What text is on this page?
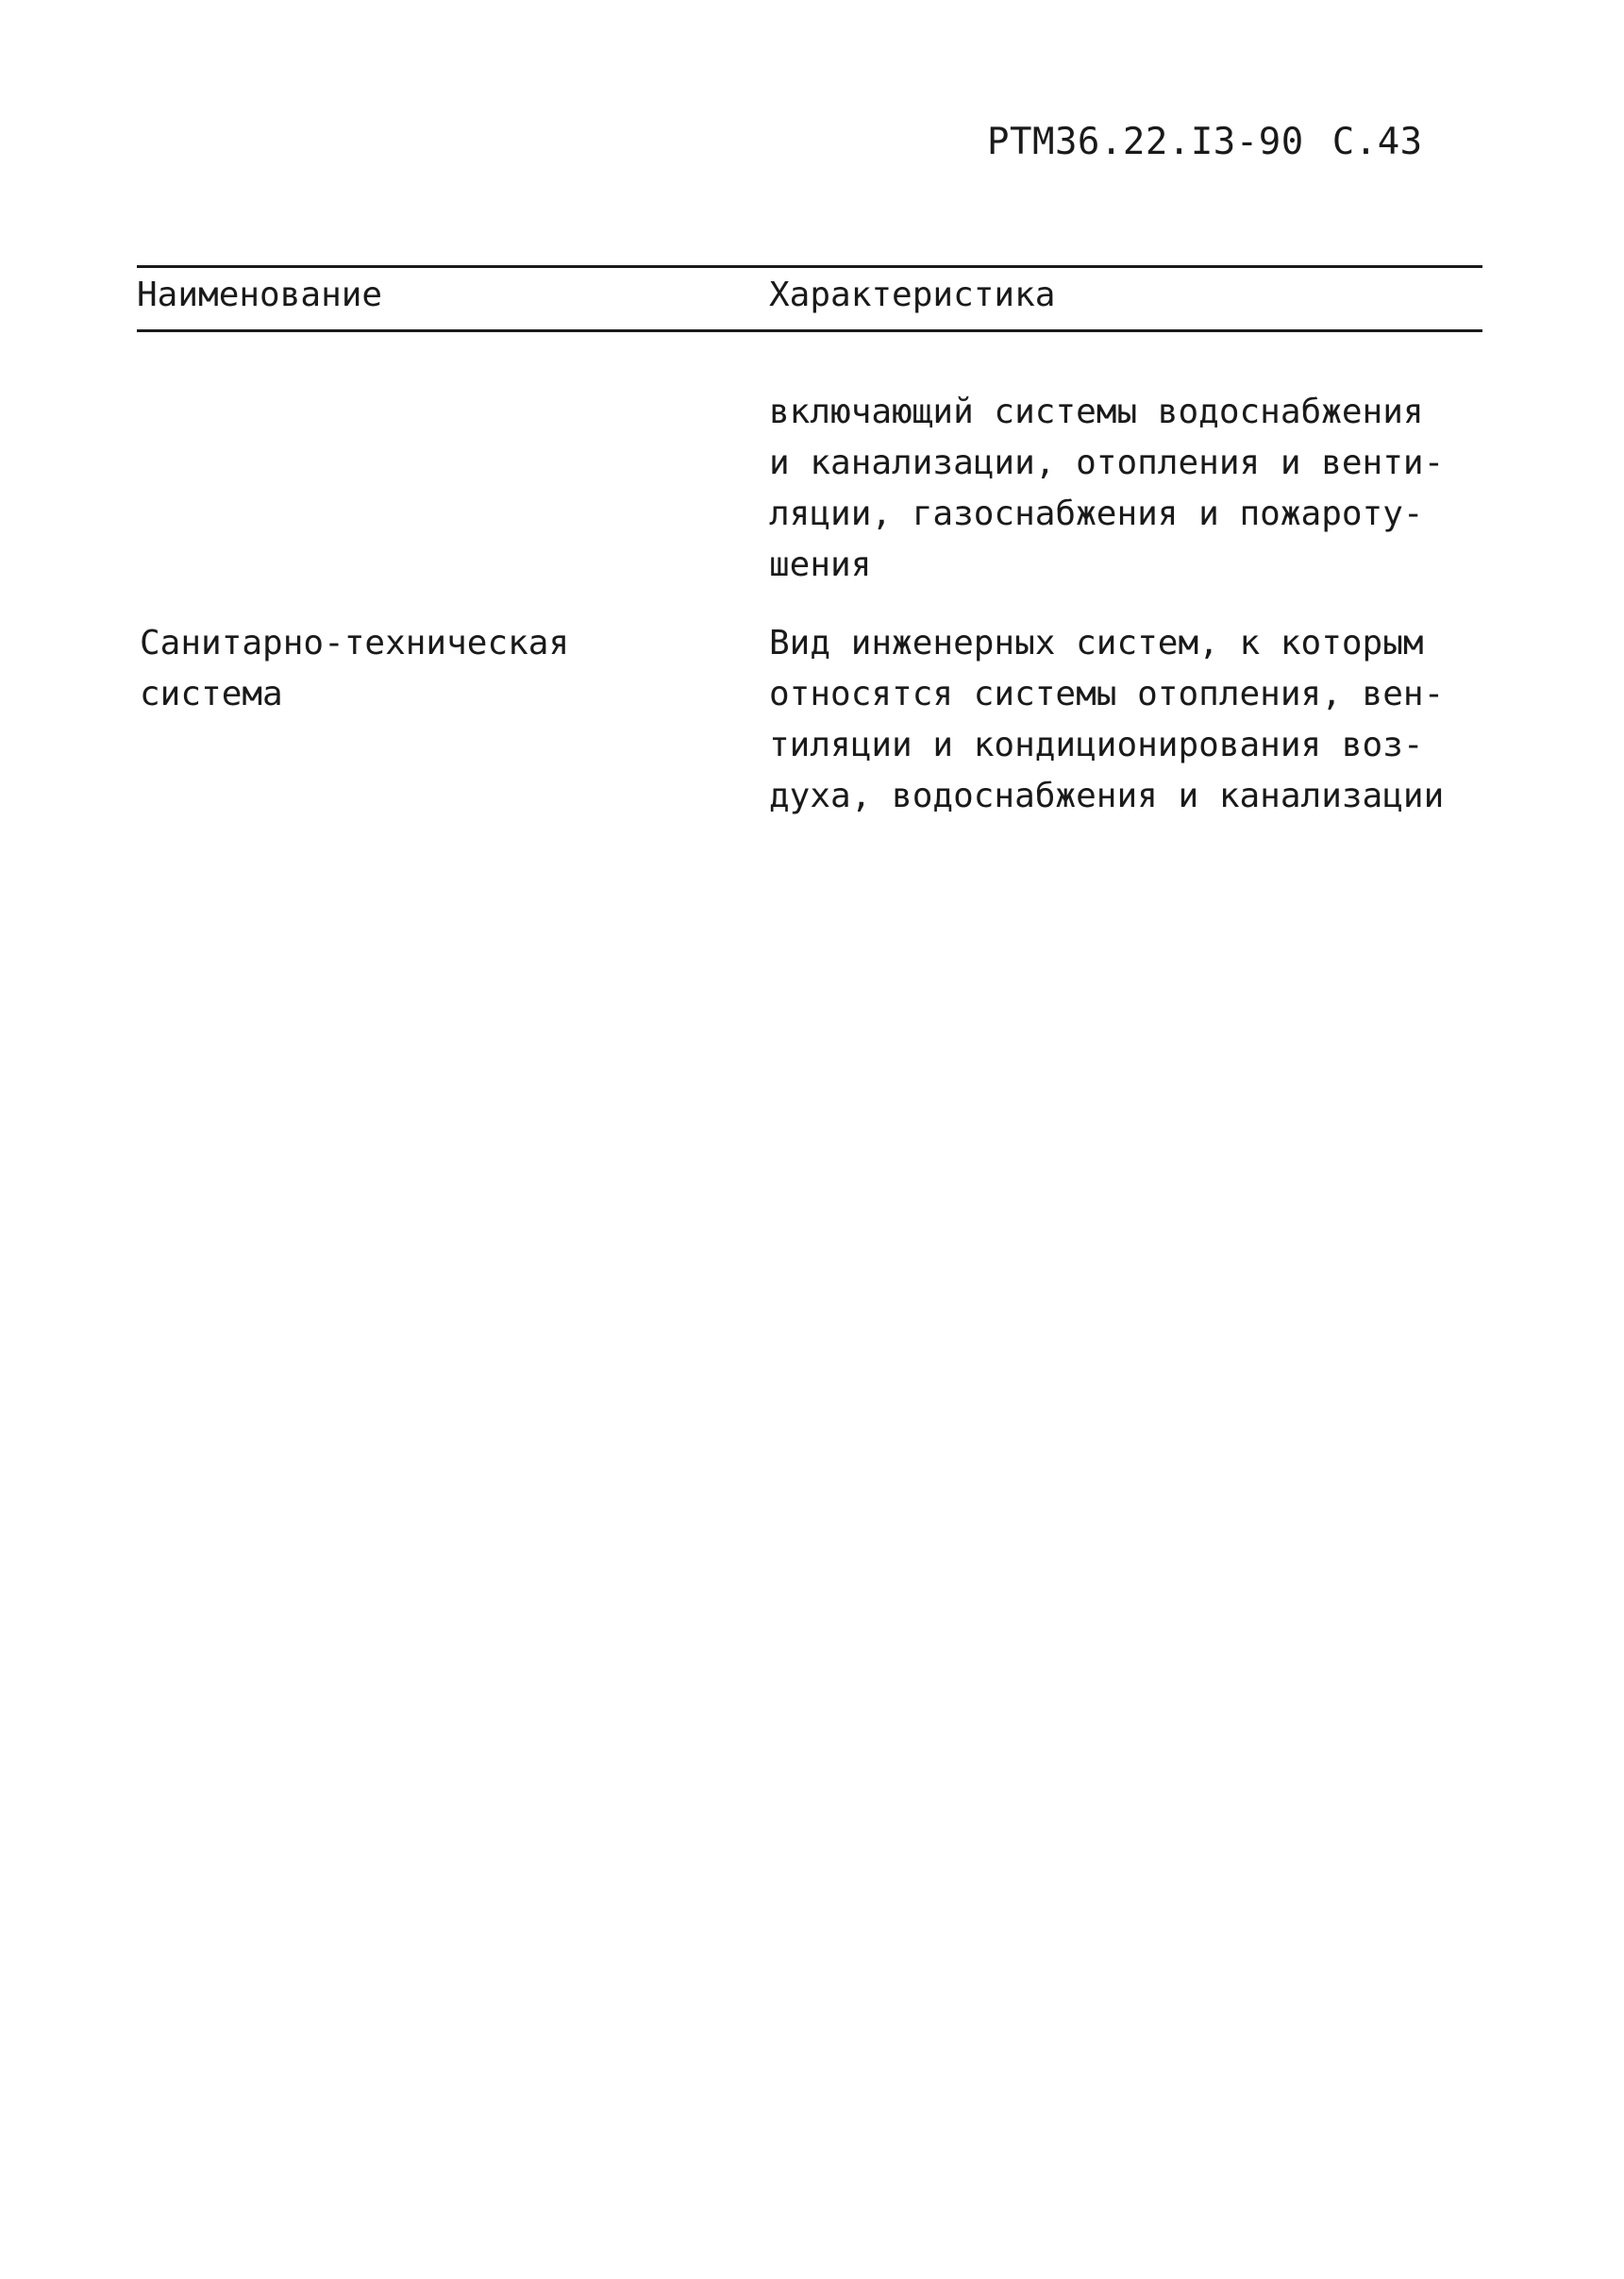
РТМ36.22.I3-90 С.43
Наименование	Характеристика
включающий системы водоснабжения
и канализации, отопления и венти-
ляции, газоснабжения и пожароту-
шения
Санитарно-техническая
система
Вид инженерных систем, к которым
относятся системы отопления, вен-
тиляции и кондиционирования воз-
духа, водоснабжения и канализации
